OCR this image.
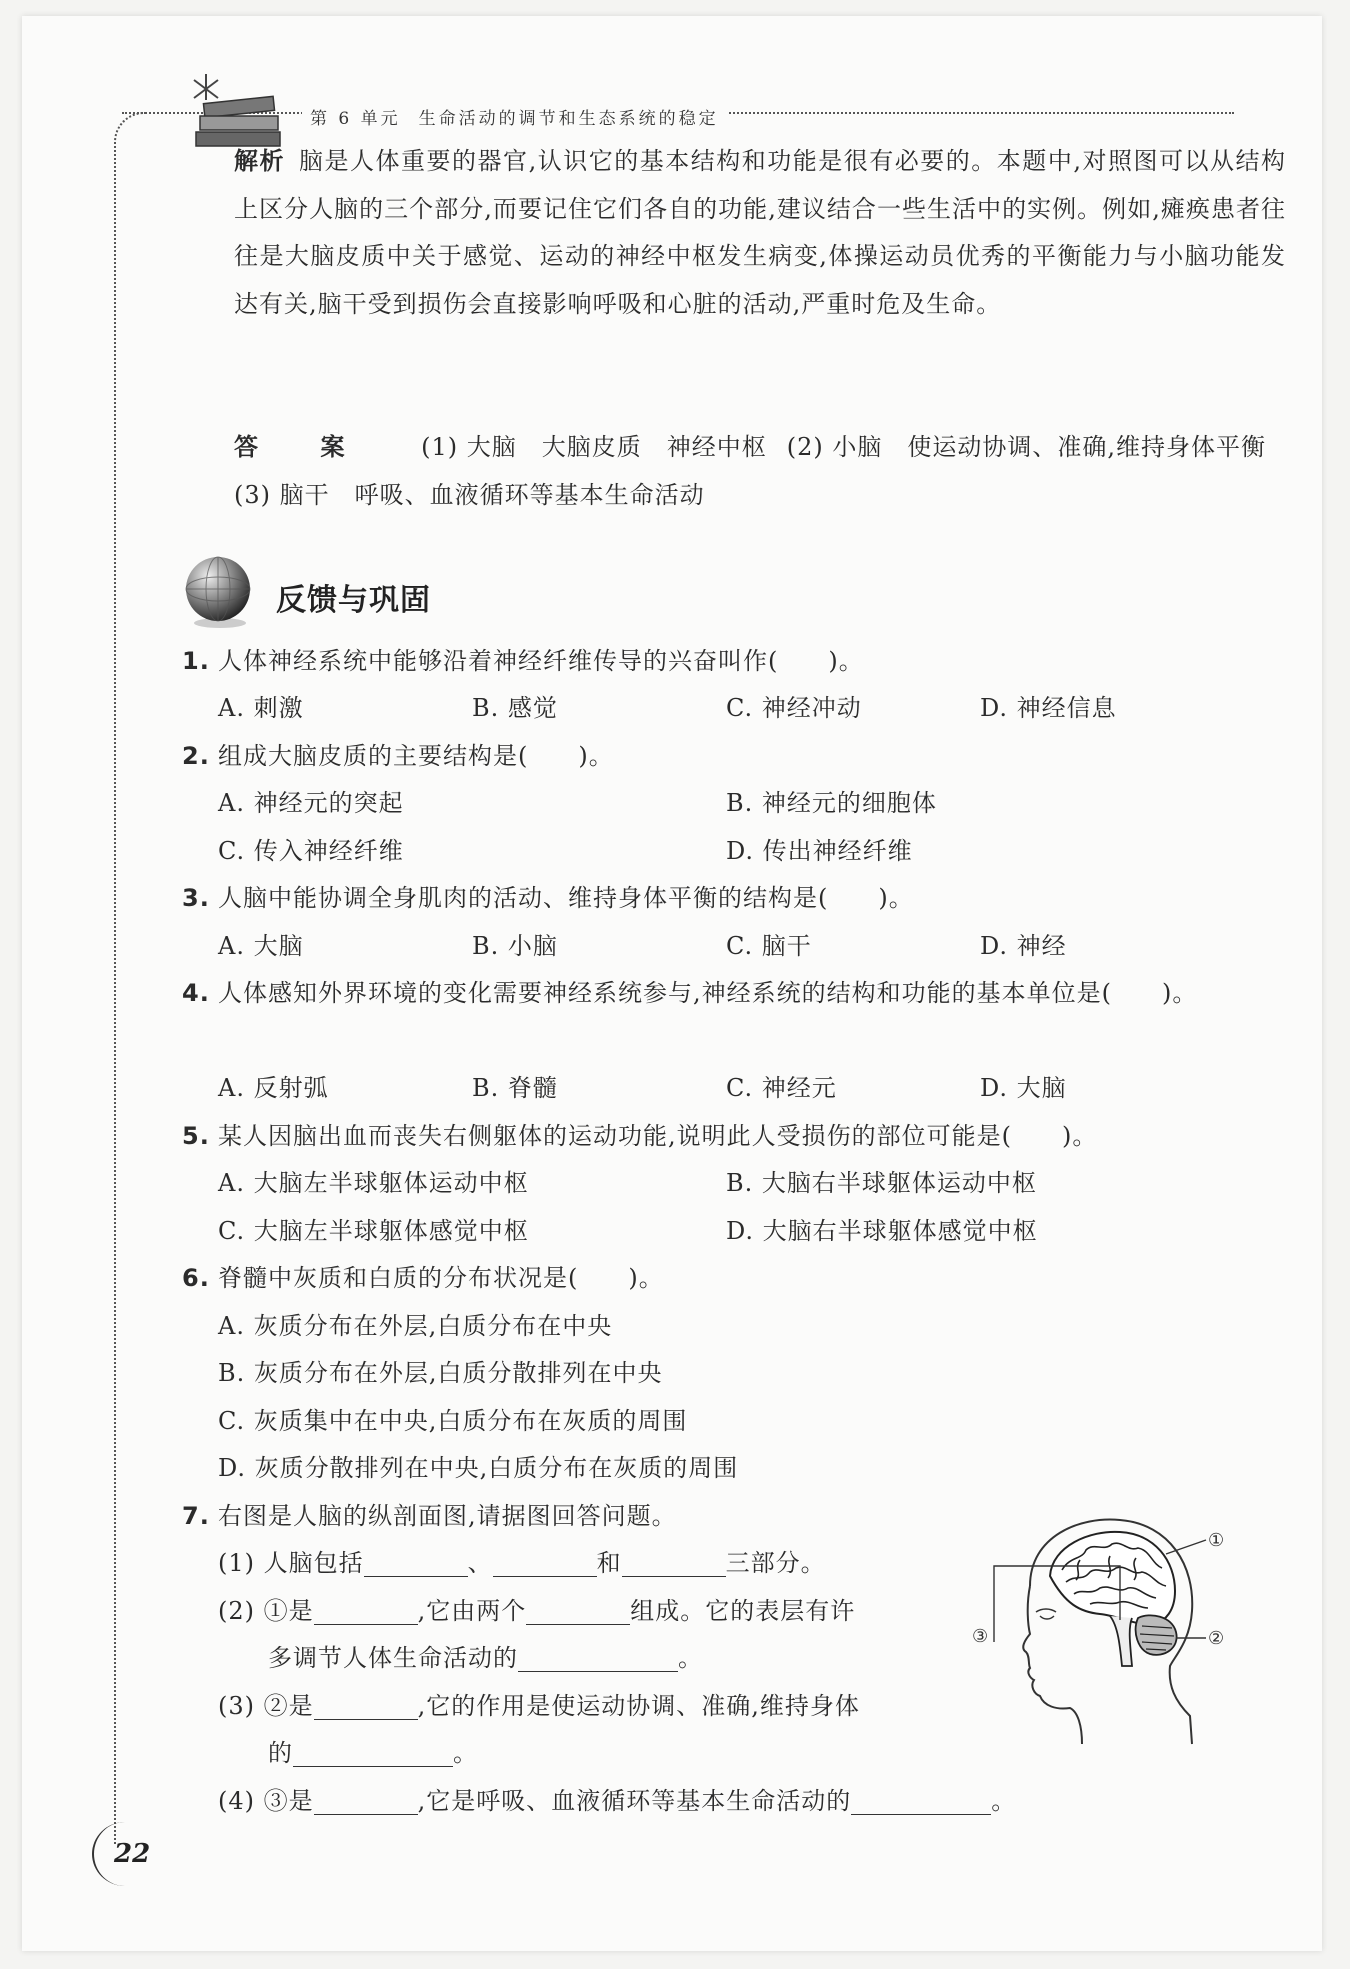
第 6 单元 生命活动的调节和生态系统的稳定
解析 脑是人体重要的器官,认识它的基本结构和功能是很有必要的。本题中,对照图可以从结构上区分人脑的三个部分,而要记住它们各自的功能,建议结合一些生活中的实例。例如,瘫痪患者往往是大脑皮质中关于感觉、运动的神经中枢发生病变,体操运动员优秀的平衡能力与小脑功能发达有关,脑干受到损伤会直接影响呼吸和心脏的活动,严重时危及生命。
答案 (1) 大脑　大脑皮质　神经中枢 (2) 小脑　使运动协调、准确,维持身体平衡(3) 脑干　呼吸、血液循环等基本生命活动
反馈与巩固
1. 人体神经系统中能够沿着神经纤维传导的兴奋叫作(　　)。
A. 刺激	B. 感觉	C. 神经冲动	D. 神经信息
2. 组成大脑皮质的主要结构是(　　)。
A. 神经元的突起	B. 神经元的细胞体
C. 传入神经纤维	D. 传出神经纤维
3. 人脑中能协调全身肌肉的活动、维持身体平衡的结构是(　　)。
A. 大脑	B. 小脑	C. 脑干	D. 神经
4. 人体感知外界环境的变化需要神经系统参与,神经系统的结构和功能的基本单位是(　　)。
A. 反射弧	B. 脊髓	C. 神经元	D. 大脑
5. 某人因脑出血而丧失右侧躯体的运动功能,说明此人受损伤的部位可能是(　　)。
A. 大脑左半球躯体运动中枢	B. 大脑右半球躯体运动中枢
C. 大脑左半球躯体感觉中枢	D. 大脑右半球躯体感觉中枢
6. 脊髓中灰质和白质的分布状况是(　　)。
A. 灰质分布在外层,白质分布在中央
B. 灰质分布在外层,白质分散排列在中央
C. 灰质集中在中央,白质分布在灰质的周围
D. 灰质分散排列在中央,白质分布在灰质的周围
7. 右图是人脑的纵剖面图,请据图回答问题。
(1) 人脑包括	、	和	三部分。
(2) ①是	,它由两个	组成。它的表层有许
多调节人体生命活动的	。
(3) ②是	,它的作用是使运动协调、准确,维持身体
的	。
(4) ③是	,它是呼吸、血液循环等基本生命活动的	。
①
②
③
22
